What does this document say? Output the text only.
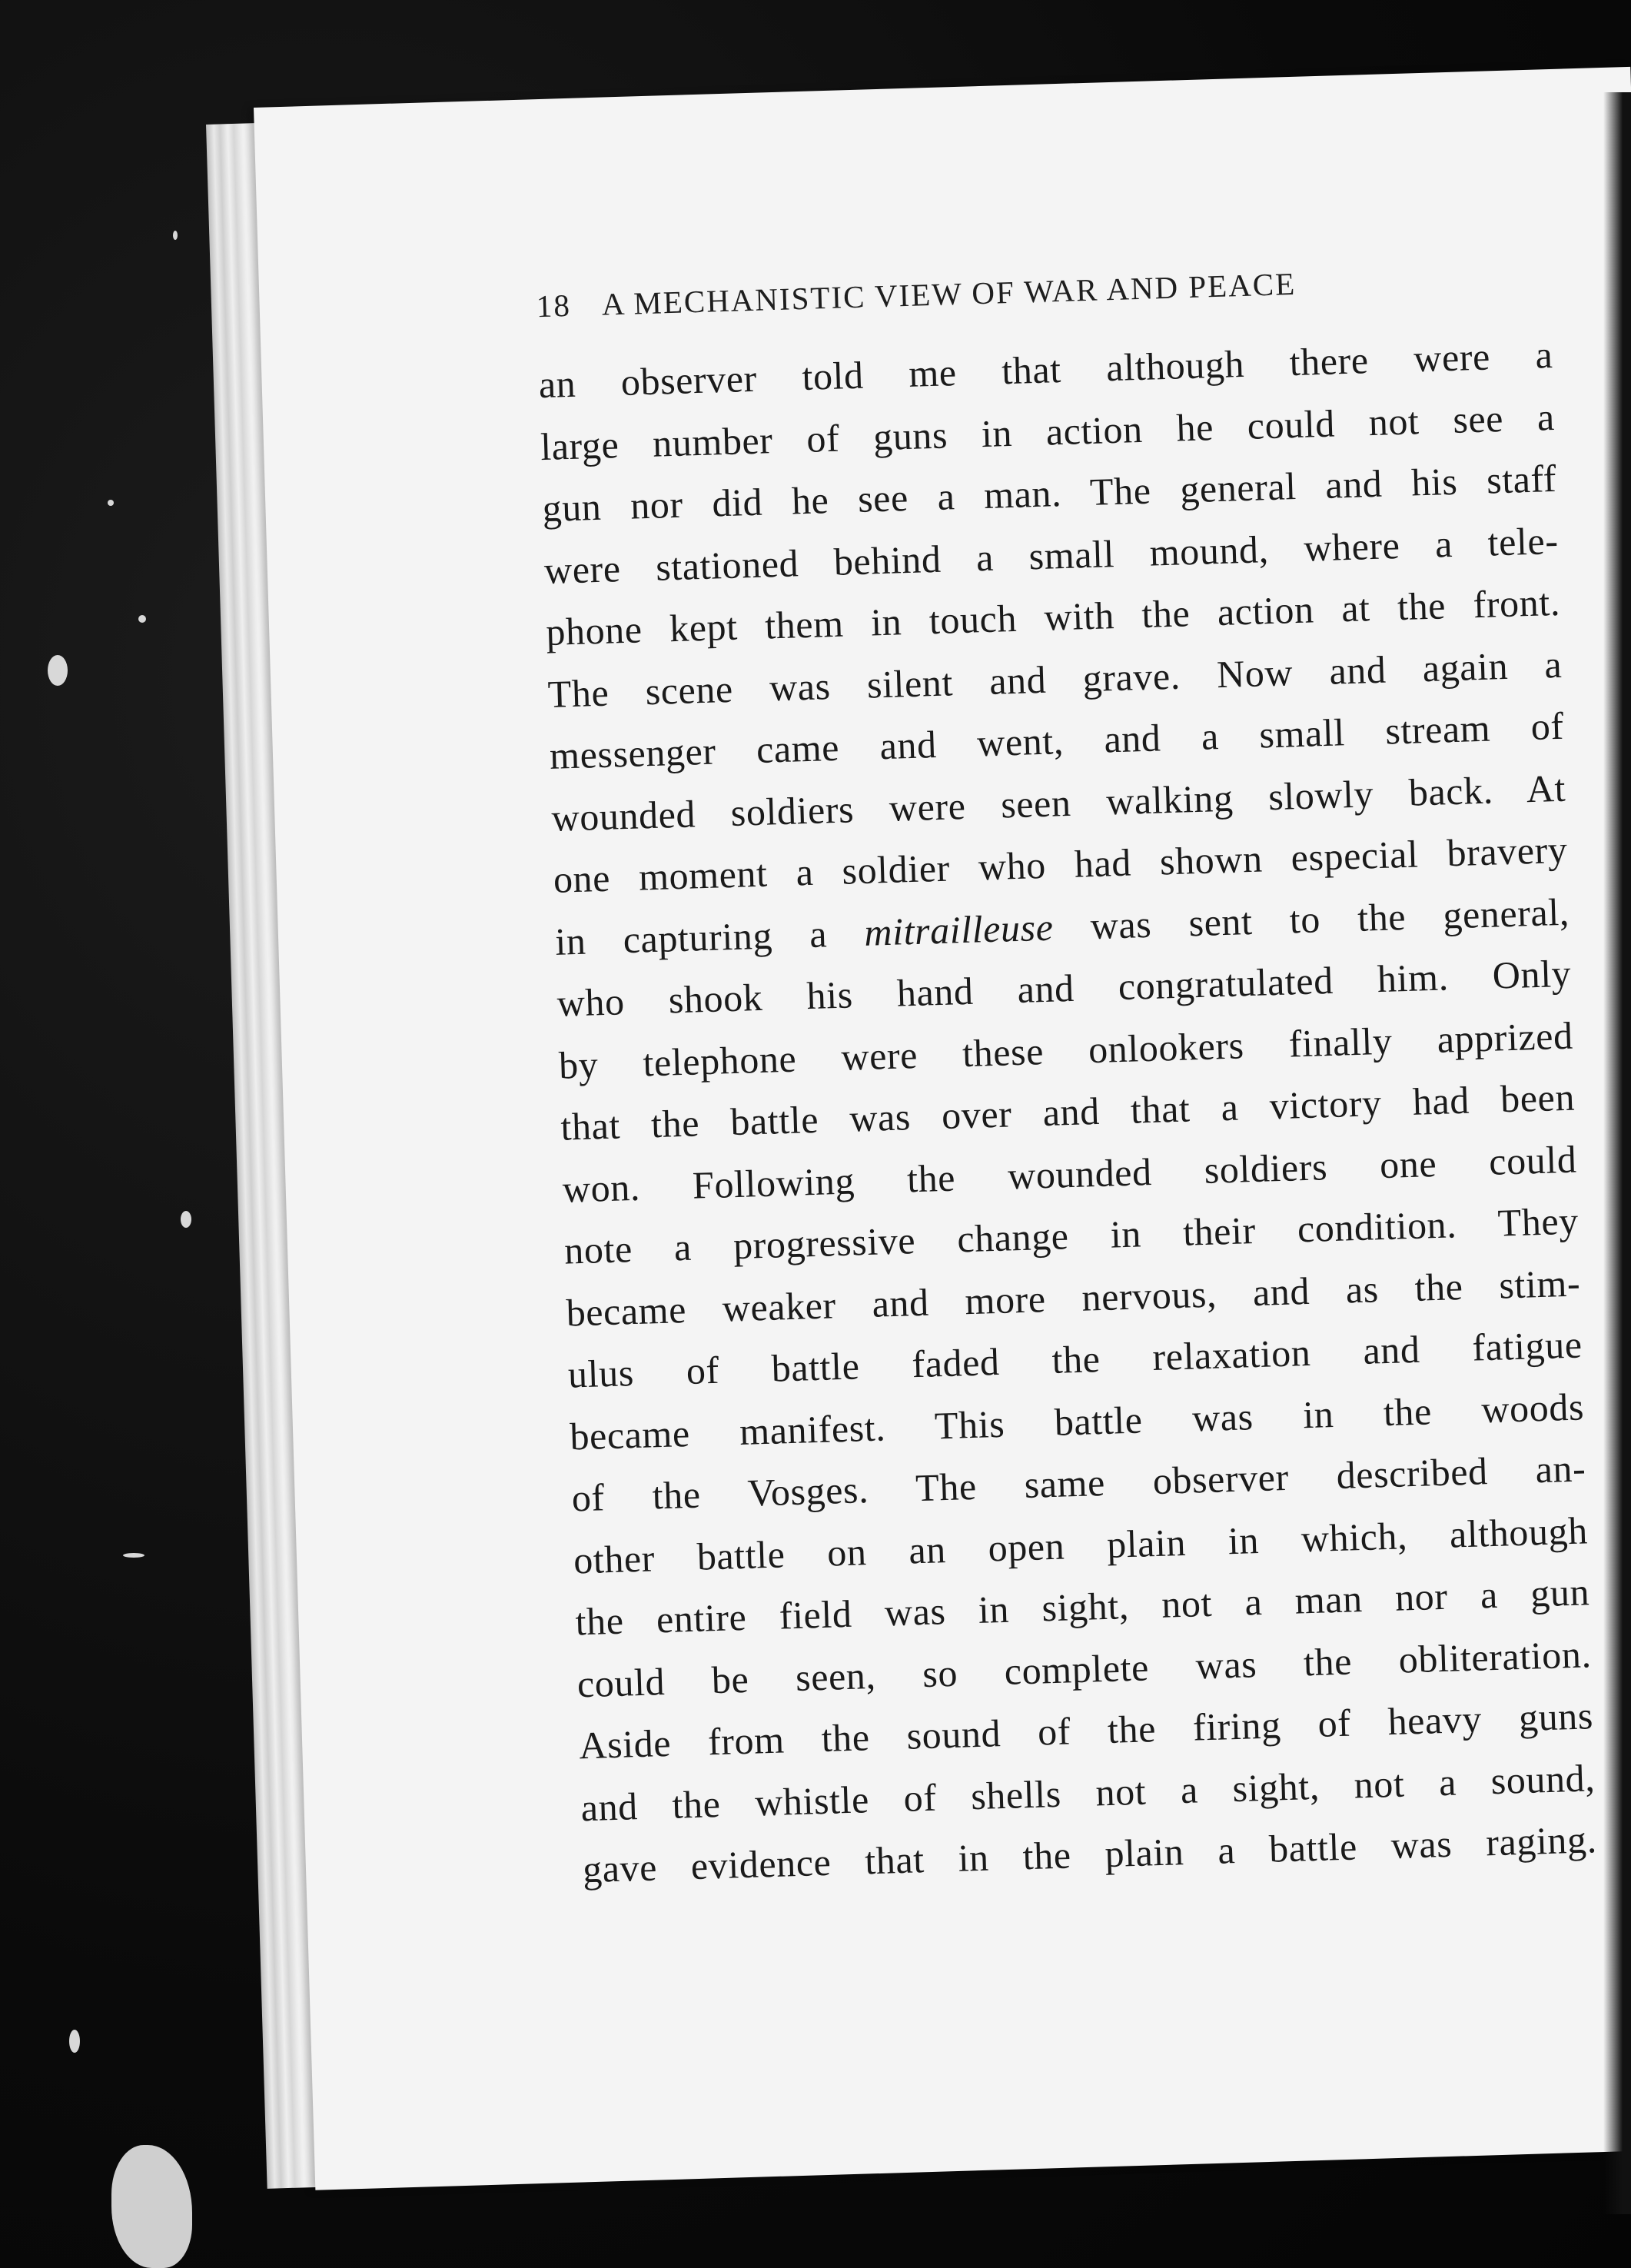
18 A MECHANISTIC VIEW OF WAR AND PEACE
an observer told me that although there were a
large number of guns in action he could not see a
gun nor did he see a man. The general and his staff
were stationed behind a small mound, where a tele-
phone kept them in touch with the action at the front.
The scene was silent and grave. Now and again a
messenger came and went, and a small stream of
wounded soldiers were seen walking slowly back. At
one moment a soldier who had shown especial bravery
in capturing a mitrailleuse was sent to the general,
who shook his hand and congratulated him. Only
by telephone were these onlookers finally apprized
that the battle was over and that a victory had been
won. Following the wounded soldiers one could
note a progressive change in their condition. They
became weaker and more nervous, and as the stim-
ulus of battle faded the relaxation and fatigue
became manifest. This battle was in the woods
of the Vosges. The same observer described an-
other battle on an open plain in which, although
the entire field was in sight, not a man nor a gun
could be seen, so complete was the obliteration.
Aside from the sound of the firing of heavy guns
and the whistle of shells not a sight, not a sound,
gave evidence that in the plain a battle was raging.
